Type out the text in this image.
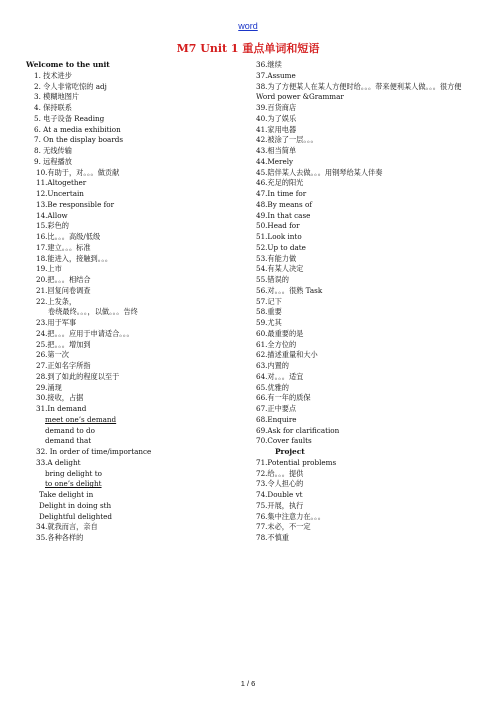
word
M7 Unit 1 重点单词和短语
Welcome to the unit
1. 技术进步
2. 令人非常吃惊的 adj
3. 模糊地图片
4. 保持联系
5. 电子设备 Reading
6. At a media exhibition
7. On the display boards
8. 无线传输
9. 远程播放
10.有助于，对。。。做贡献
11.Altogether
12.Uncertain
13.Be responsible for
14.Allow
15.彩色的
16.比。。。高级/低级
17.建立。。。标准
18.能进入，接触到。。。
19.上市
20.把。。。相结合
21.回复问卷调查
22.上发条，
卷绕最终。。。，以做。。。告终
23.用于军事
24.把。。。应用于申请适合。。。
25.把。。。增加到
26.第一次
27.正如名字所指
28.到了如此的程度以至于
29.涌现
30.接收，占据
31.In demand
meet one’s demand
demand to do
demand that
32. In order of time/importance
33.A delight
bring delight to
to one’s delight
Take delight in
Delight in doing sth
Delightful delighted
34.就我而言，亲自
35.各种各样的
36.继续
37.Assume
38.为了方便某人在某人方便时给。。。带来便利某人做。。。很方便 Word power &Grammar
39.百货商店
40.为了娱乐
41.家用电器
42.被涂了一层。。。
43.相当简单
44.Merely
45.陪伴某人去做。。。用钢琴给某人伴奏
46.充足的阳光
47.In time for
48.By means of
49.In that case
50.Head for
51.Look into
52.Up to date
53.有能力做
54.有某人决定
55.错误的
56.对。。。很熟 Task
57.记下
58.重要
59.尤其
60.最重要的是
61.全方位的
62.描述重量和大小
63.内置的
64.对。。。适宜
65.优雅的
66.有一年的质保
67.正中要点
68.Enquire
69.Ask for clarification
70.Cover faults
Project
71.Potential problems
72.给。。。提供
73.令人担心的
74.Double vt
75.开展，执行
76.集中注意力在。。。
77.未必，不一定
78.不慎重
1 / 6
